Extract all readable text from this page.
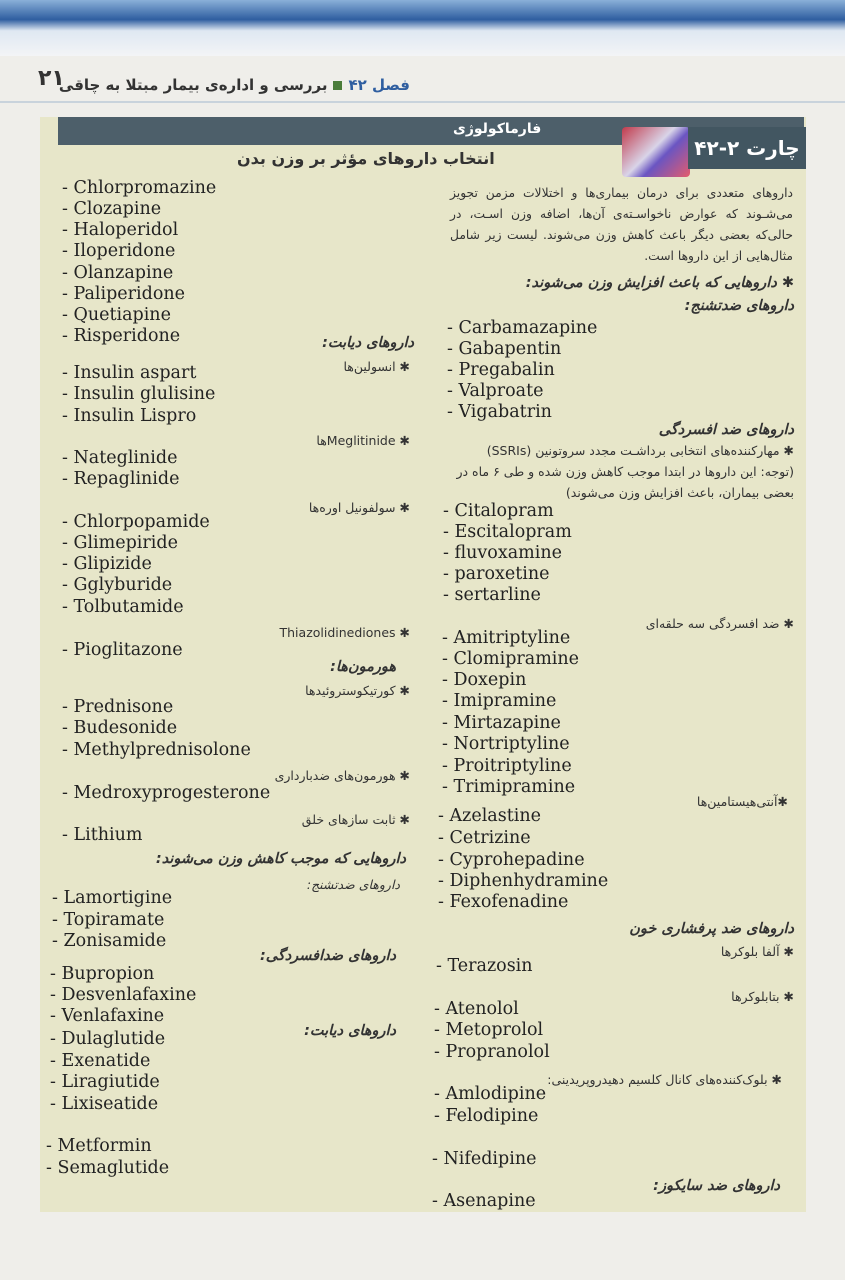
۲۱	فصل ۴۲بررسی و اداره‌ی بیمار مبتلا به چاقی
فارماکولوژی
چارت ۲-۴۲
انتخاب داروهای مؤثر بر وزن بدن
داروهای متعددی برای درمان بیماری‌ها و اختلالات مزمن تجویز می‌شـوند که عوارض ناخواسـته‌ی آن‌ها، اضافه وزن اسـت، در حالی‌که بعضی دیگر باعث کاهش وزن می‌شوند. لیست زیر شامل مثال‌هایی از این داروها است.
✱ داروهایی که باعث افزایش وزن می‌شوند:
داروهای ضدتشنج:
- Carbamazapine
- Gabapentin
- Pregabalin
- Valproate
- Vigabatrin
داروهای ضد افسردگی
✱ مهارکننده‌های انتخابی برداشـت مجدد سروتونین (SSRIs)
(توجه: این داروها در ابتدا موجب کاهش وزن شده و طی ۶ ماه در
بعضی بیماران، باعث افزایش وزن می‌شوند)
- Citalopram
- Escitalopram
- fluvoxamine
- paroxetine
- sertarline
✱ ضد افسردگی سه حلقه‌ای
- Amitriptyline
- Clomipramine
- Doxepin
- Imipramine
- Mirtazapine
- Nortriptyline
- Proitriptyline
- Trimipramine
✱آنتی‌هیستامین‌ها
- Azelastine
- Cetrizine
- Cyprohepadine
- Diphenhydramine
- Fexofenadine
داروهای ضد پرفشاری خون
✱ آلفا بلوکرها
- Terazosin
✱ بتابلوکرها
- Atenolol
- Metoprolol
- Propranolol
✱ بلوک‌کننده‌های کانال کلسیم دهیدروپریدینی:
- Amlodipine
- Felodipine
- Nifedipine
داروهای ضد سایکوز:
- Asenapine
- Chlorpromazine
- Clozapine
- Haloperidol
- Iloperidone
- Olanzapine
- Paliperidone
- Quetiapine
- Risperidone	داروهای دیابت:
✱ انسولین‌ها
- Insulin aspart
- Insulin glulisine
- Insulin Lispro
✱ Meglitinideها
- Nateglinide
- Repaglinide
✱ سولفونیل اوره‌ها
- Chlorpopamide
- Glimepiride
- Glipizide
- Gglyburide
- Tolbutamide
✱ Thiazolidinediones
- Pioglitazone
هورمون‌ها:
✱ کورتیکوستروئیدها
- Prednisone
- Budesonide
- Methylprednisolone
✱ هورمون‌های ضدبارداری
- Medroxyprogesterone
✱ ثابت سازهای خلق
- Lithium
داروهایی که موجب کاهش وزن می‌شوند:
داروهای ضدتشنج:
- Lamortigine
- Topiramate
- Zonisamide
داروهای ضدافسردگی:
- Bupropion
- Desvenlafaxine
- Venlafaxine
داروهای دیابت:
- Dulaglutide
- Exenatide
- Liragiutide
- Lixiseatide
- Metformin
- Semaglutide
